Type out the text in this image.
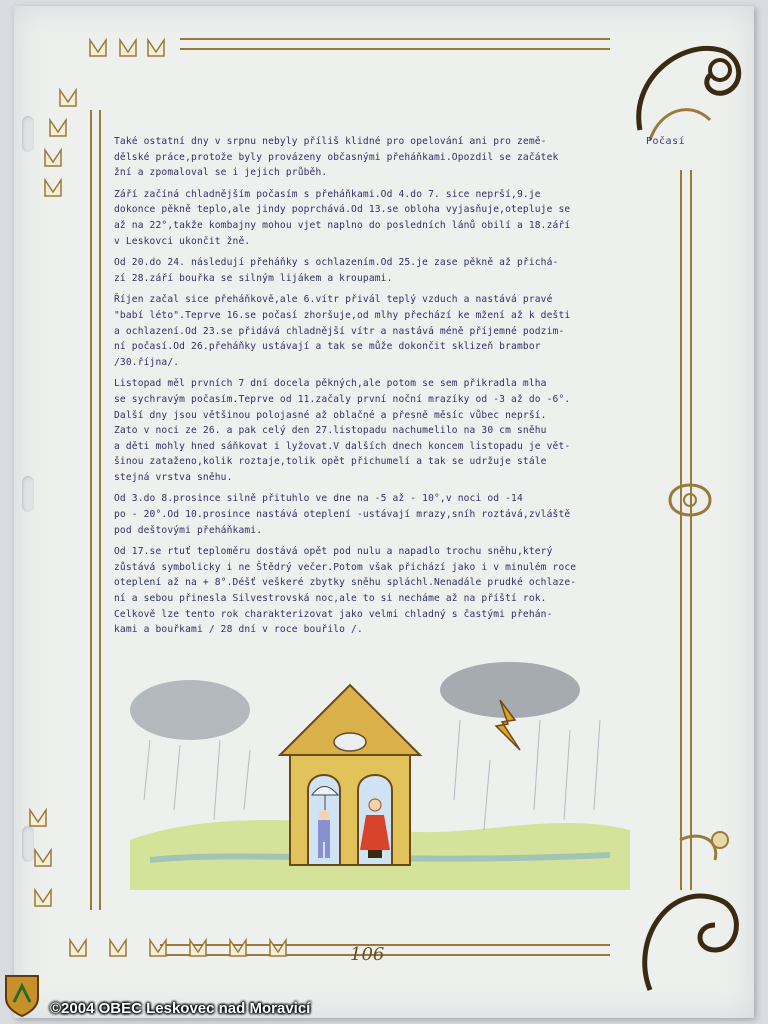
Počasí

Také ostatní dny v srpnu nebyly příliš klidné pro opelování ani pro země-
dělské práce,protože byly provázeny občasnými přeháňkami.Opozdil se začátek
žní a zpomaloval se i jejich průběh.

Září začíná chladnějším počasím s přeháňkami.Od 4.do 7. sice neprší,9.je
dokonce pěkně teplo,ale jindy poprchává.Od 13.se obloha vyjasňuje,otepluje se
až na 22°,takže kombajny mohou vjet naplno do posledních lánů obilí a 18.září
v Leskovci ukončit žně.

Od 20.do 24. následují přeháňky s ochlazením.Od 25.je zase pěkně až přichá-
zí 28.září bouřka se silným lijákem a kroupami.

Říjen začal sice přeháňkově,ale 6.vítr přivál teplý vzduch a nastává pravé
"babí léto".Teprve 16.se počasí zhoršuje,od mlhy přechází ke mžení až k dešti
a ochlazení.Od 23.se přidává chladnější vítr a nastává méně příjemné podzim-
ní počasí.Od 26.přeháňky ustávají a tak se může dokončit sklizeň brambor
/30.října/.

Listopad měl prvních 7 dní docela pěkných,ale potom se sem přikradla mlha
se sychravým počasím.Teprve od 11.začaly první noční mrazíky od -3 až do -6°.
Další dny jsou většinou polojasné až oblačné a přesně měsíc vůbec neprší.
Zato v noci ze 26. a pak celý den 27.listopadu nachumelilo na 30 cm sněhu
a děti mohly hned sáňkovat i lyžovat.V dalších dnech koncem listopadu je vět-
šinou zataženo,kolik roztaje,tolik opět přichumelí a tak se udržuje stále
stejná vrstva sněhu.

Od 3.do 8.prosince silně přituhlo ve dne na -5 až - 10°,v noci od -14
po - 20°.Od 10.prosince nastává oteplení -ustávají mrazy,sníh roztává,zvláště
pod deštovými přeháňkami.

Od 17.se rtuť teploměru dostává opět pod nulu a napadlo trochu sněhu,který
zůstává symbolicky i ne Štědrý večer.Potom však přichází jako i v minulém roce
oteplení až na + 8°.Déšť veškeré zbytky sněhu spláchl.Nenadále prudké ochlaze-
ní a sebou přinesla Silvestrovská noc,ale to si necháme až na příští rok.
Celkově lze tento rok charakterizovat jako velmi chladný s častými přehán-
kami a bouřkami / 28 dní v roce bouřilo /.

106
©2004 OBEC Leskovec nad Moravicí
